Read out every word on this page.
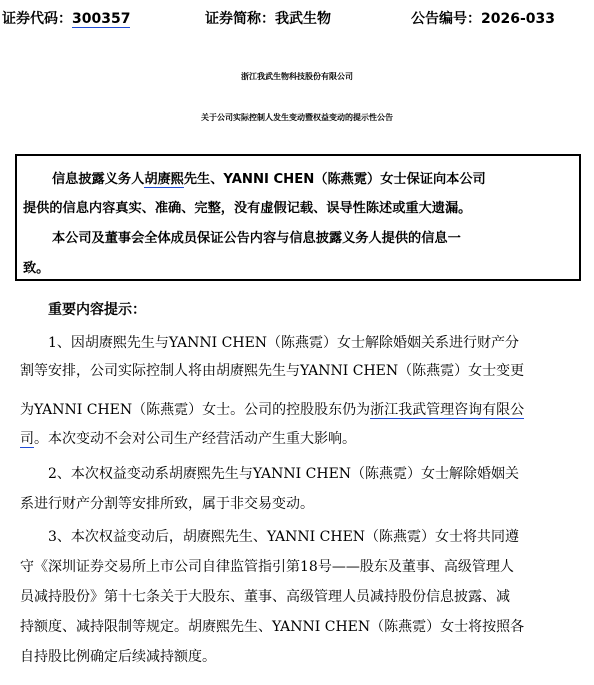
证券代码：300357	证券简称：我武生物	公告编号：2026-033
浙江我武生物科技股份有限公司
关于公司实际控制人发生变动暨权益变动的提示性公告
信息披露义务人胡赓熙先生、YANNI CHEN（陈燕霓）女士保证向本公司
提供的信息内容真实、准确、完整，没有虚假记载、误导性陈述或重大遗漏。
本公司及董事会全体成员保证公告内容与信息披露义务人提供的信息一
致。
重要内容提示：
1、因胡赓熙先生与YANNI CHEN（陈燕霓）女士解除婚姻关系进行财产分
割等安排，公司实际控制人将由胡赓熙先生与YANNI CHEN（陈燕霓）女士变更
为YANNI CHEN（陈燕霓）女士。公司的控股股东仍为浙江我武管理咨询有限公
司。本次变动不会对公司生产经营活动产生重大影响。
2、本次权益变动系胡赓熙先生与YANNI CHEN（陈燕霓）女士解除婚姻关
系进行财产分割等安排所致，属于非交易变动。
3、本次权益变动后，胡赓熙先生、YANNI CHEN（陈燕霓）女士将共同遵
守《深圳证券交易所上市公司自律监管指引第18号——股东及董事、高级管理人
员减持股份》第十七条关于大股东、董事、高级管理人员减持股份信息披露、减
持额度、减持限制等规定。胡赓熙先生、YANNI CHEN（陈燕霓）女士将按照各
自持股比例确定后续减持额度。
